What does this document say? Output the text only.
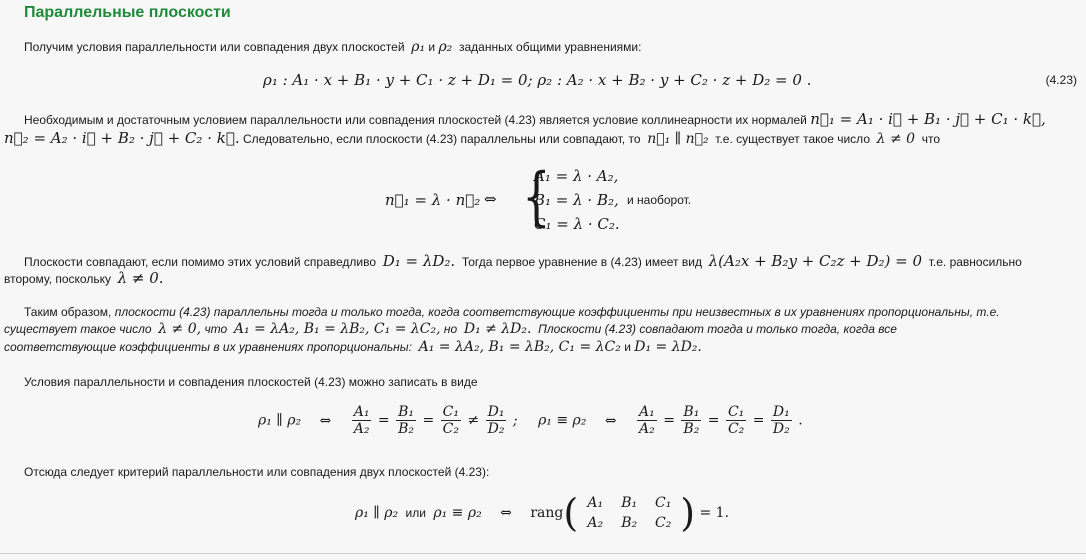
Параллельные плоскости
Получим условия параллельности или совпадения двух плоскостей ρ₁ и ρ₂ заданных общими уравнениями:
ρ₁ : A₁ · x + B₁ · y + C₁ · z + D₁ = 0; ρ₂ : A₂ · x + B₂ · y + C₂ · z + D₂ = 0 .	(4.23)
Необходимым и достаточным условием параллельности или совпадения плоскостей (4.23) является условие коллинеарности их нормалей n⃗₁ = A₁ · i⃗ + B₁ · j⃗ + C₁ · k⃗,
n⃗₂ = A₂ · i⃗ + B₂ · j⃗ + C₂ · k⃗. Следовательно, если плоскости (4.23) параллельны или совпадают, то n⃗₁ ∥ n⃗₂ т.е. существует такое число λ ≠ 0 что
n⃗₁ = λ · n⃗₂ ⇔ {
A₁ = λ · A₂,
B₁ = λ · B₂,
C₁ = λ · C₂.
и наоборот.
Плоскости совпадают, если помимо этих условий справедливо D₁ = λD₂. Тогда первое уравнение в (4.23) имеет вид λ(A₂x + B₂y + C₂z + D₂) = 0 т.е. равносильно
второму, поскольку λ ≠ 0.
Таким образом, плоскости (4.23) параллельны тогда и только тогда, когда соответствующие коэффициенты при неизвестных в их уравнениях пропорциональны, т.е.
существует такое число λ ≠ 0, что A₁ = λA₂, B₁ = λB₂, C₁ = λC₂, но D₁ ≠ λD₂. Плоскости (4.23) совпадают тогда и только тогда, когда все
соответствующие коэффициенты в их уравнениях пропорциональны: A₁ = λA₂, B₁ = λB₂, C₁ = λC₂ и D₁ = λD₂.
Условия параллельности и совпадения плоскостей (4.23) можно записать в виде
ρ₁ ∥ ρ₂ ⇔ $\frac{\text{A₁}}{\text{A₂}} = \frac{\text{B₁}}{\text{B₂}} = \frac{\text{C₁}}{\text{C₂}} \ne \frac{\text{D₁}}{\text{D₂}}$ ; ρ₁ ≡ ρ₂ ⇔ $\frac{\text{A₁}}{\text{A₂}} = \frac{\text{B₁}}{\text{B₂}} = \frac{\text{C₁}}{\text{C₂}} = \frac{\text{D₁}}{\text{D₂}}$ .
Отсюда следует критерий параллельности или совпадения двух плоскостей (4.23):
ρ₁ ∥ ρ₂ или ρ₁ ≡ ρ₂ ⇔ rang( A₁ B₁ C₁
A₂ B₂ C₂ ) = 1.
